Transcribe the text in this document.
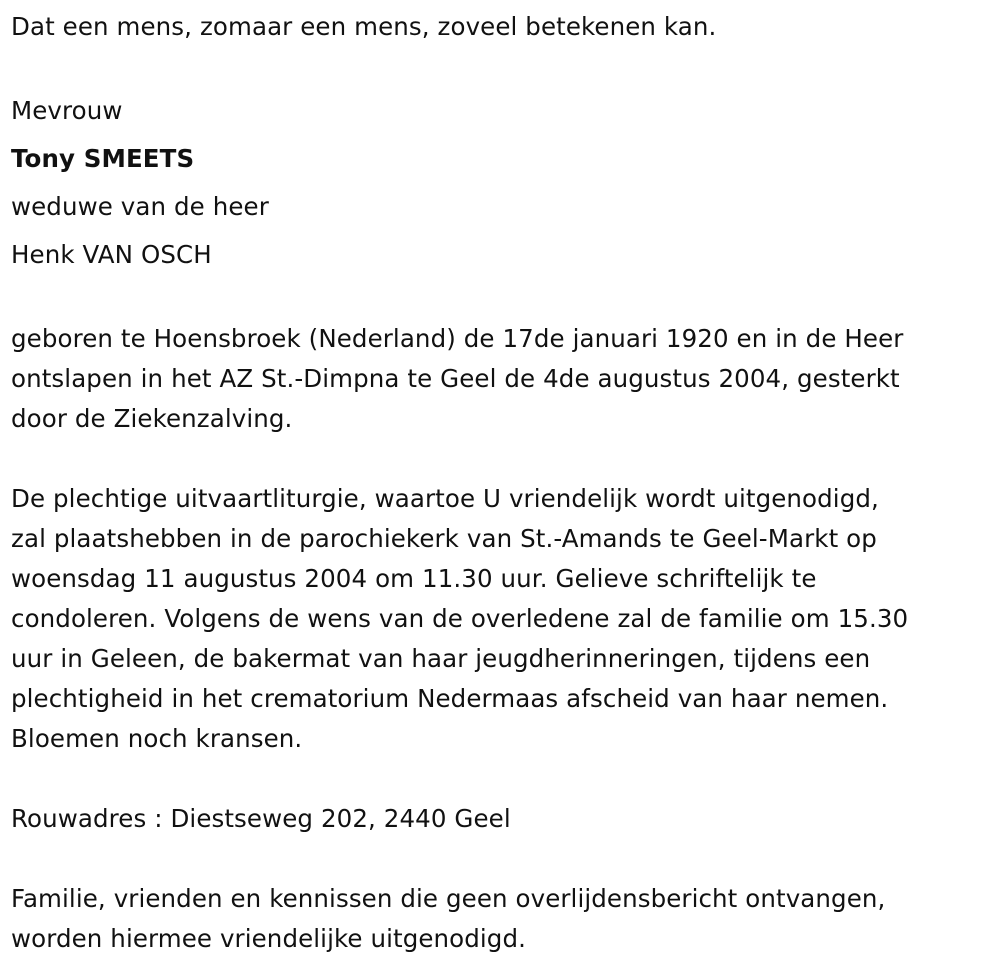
Dat een mens, zomaar een mens, zoveel betekenen kan.
Mevrouw
Tony SMEETS
weduwe van de heer
Henk VAN OSCH
geboren te Hoensbroek (Nederland) de 17de januari 1920 en in de Heer
ontslapen in het AZ St.-Dimpna te Geel de 4de augustus 2004, gesterkt
door de Ziekenzalving.
De plechtige uitvaartliturgie, waartoe U vriendelijk wordt uitgenodigd,
zal plaatshebben in de parochiekerk van St.-Amands te Geel-Markt op
woensdag 11 augustus 2004 om 11.30 uur. Gelieve schriftelijk te
condoleren. Volgens de wens van de overledene zal de familie om 15.30
uur in Geleen, de bakermat van haar jeugdherinneringen, tijdens een
plechtigheid in het crematorium Nedermaas afscheid van haar nemen.
Bloemen noch kransen.
Rouwadres : Diestseweg 202, 2440 Geel
Familie, vrienden en kennissen die geen overlijdensbericht ontvangen,
worden hiermee vriendelijke uitgenodigd.
